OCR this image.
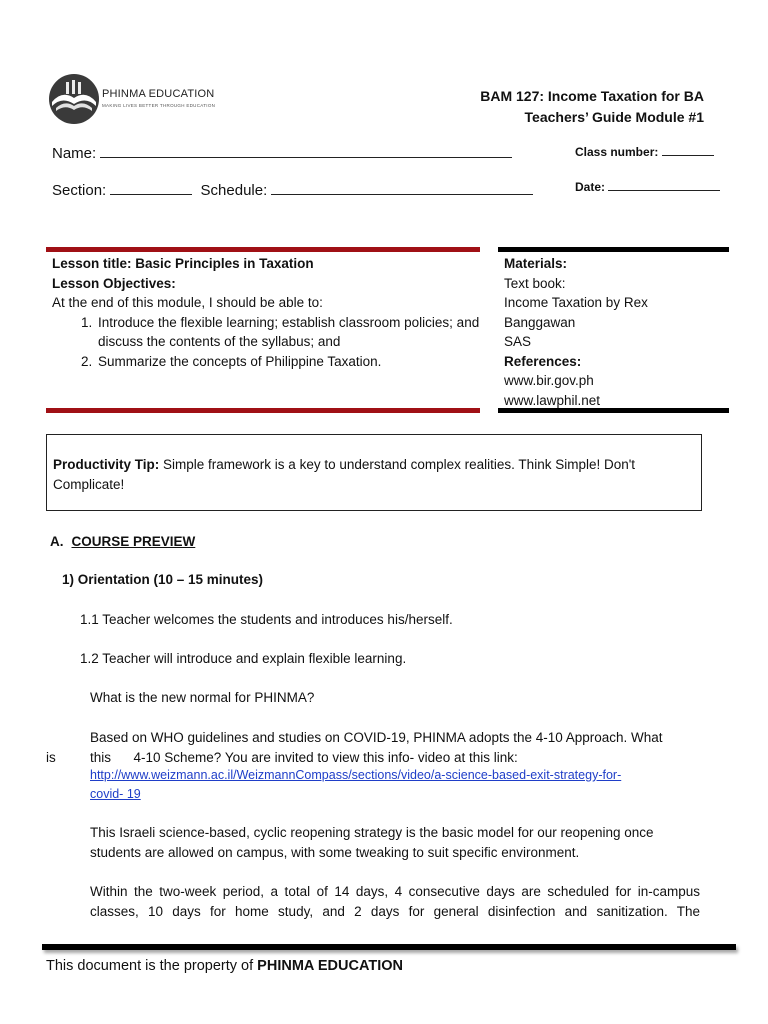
PHINMA EDUCATION
MAKING LIVES BETTER THROUGH EDUCATION
BAM 127: Income Taxation for BA
Teachers’ Guide Module #1
Name:
Section:	Schedule:
Class number:
Date:
Lesson title: Basic Principles in Taxation
Lesson Objectives:
At the end of this module, I should be able to:
1. Introduce the flexible learning; establish classroom policies; and discuss the contents of the syllabus; and
2. Summarize the concepts of Philippine Taxation.
Materials:
Text book:
Income Taxation by Rex
Banggawan
SAS
References:
www.bir.gov.ph
www.lawphil.net
Productivity Tip: Simple framework is a key to understand complex realities. Think Simple! Don't Complicate!
A. COURSE PREVIEW
1) Orientation (10 – 15 minutes)
1.1 Teacher welcomes the students and introduces his/herself.
1.2 Teacher will introduce and explain flexible learning.
What is the new normal for PHINMA?
Based on WHO guidelines and studies on COVID-19, PHINMA adopts the 4-10 Approach. What
is	this      4-10 Scheme? You are invited to view this info- video at this link:
http://www.weizmann.ac.il/WeizmannCompass/sections/video/a-science-based-exit-strategy-for-
covid- 19
This Israeli science-based, cyclic reopening strategy is the basic model for our reopening once
students are allowed on campus, with some tweaking to suit specific environment.
Within the two-week period, a total of 14 days, 4 consecutive days are scheduled for in-campus
classes, 10 days for home study, and 2 days for general disinfection and sanitization. The
This document is the property of PHINMA EDUCATION
